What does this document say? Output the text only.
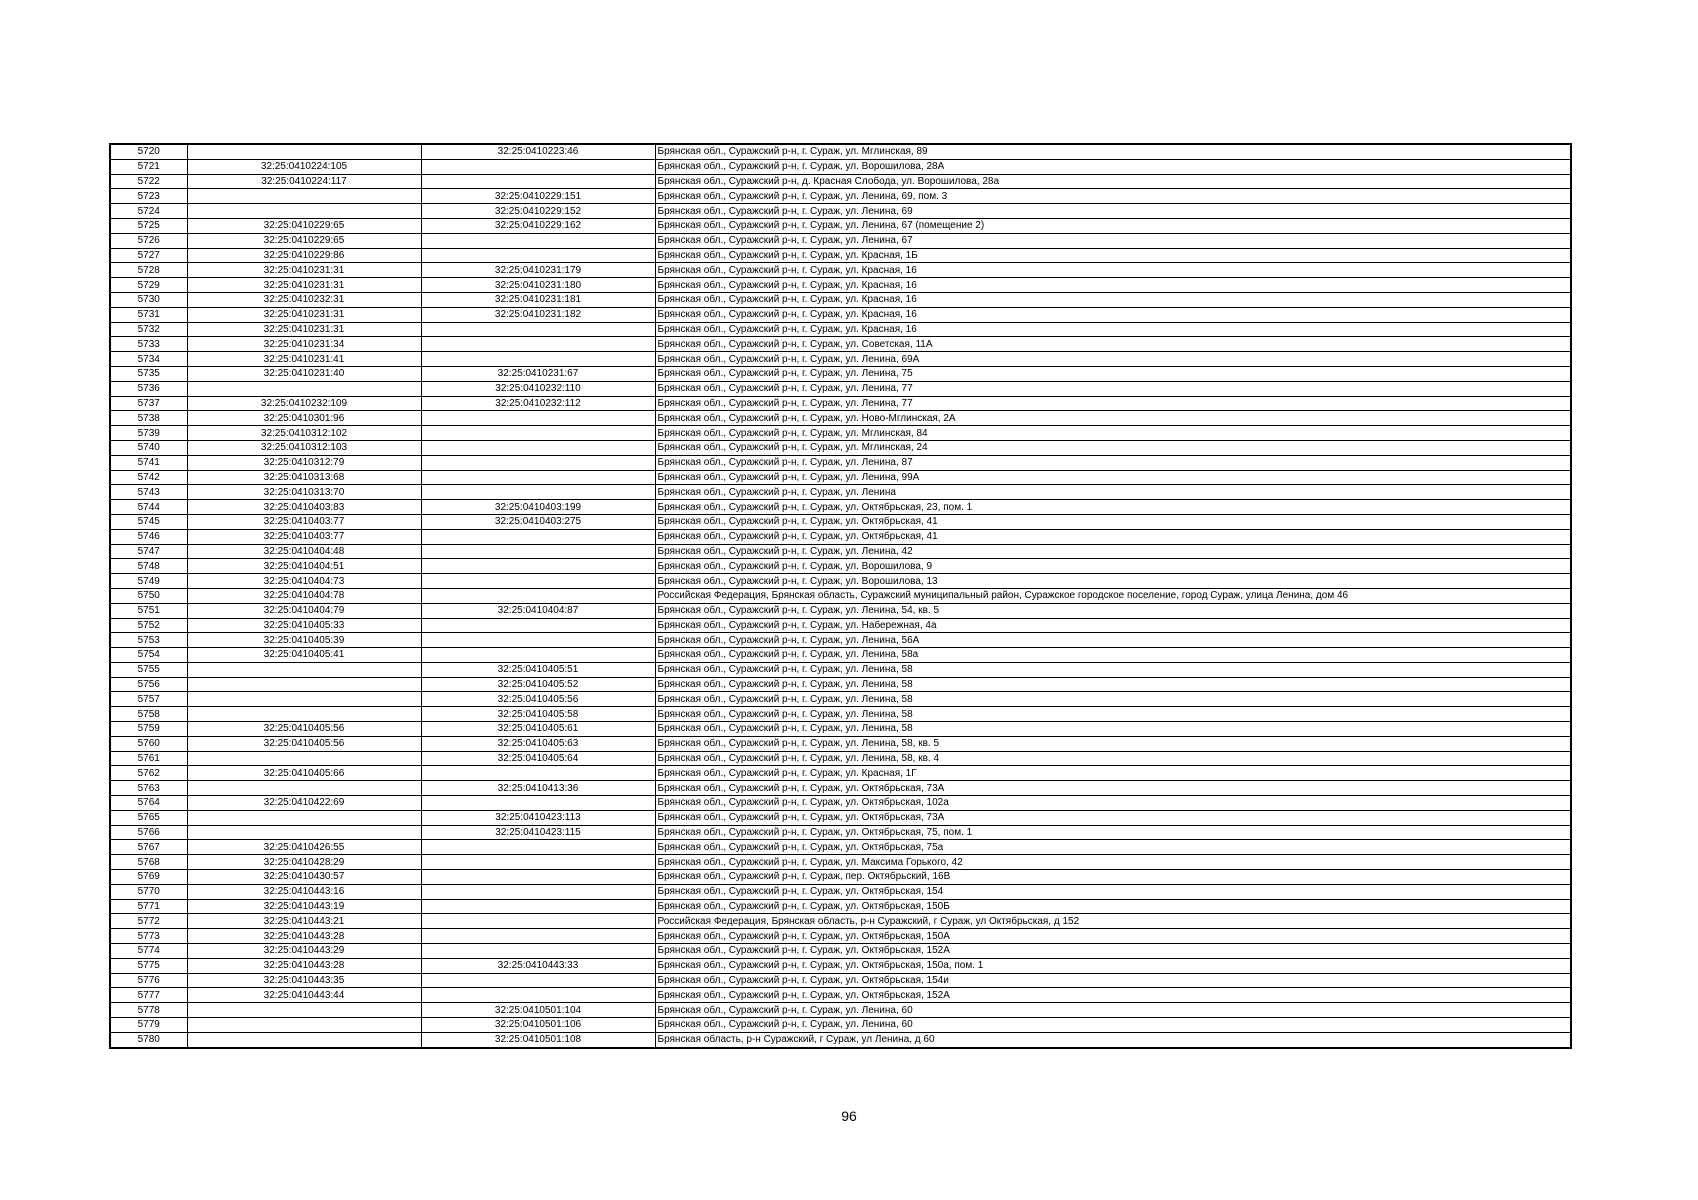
5720		32:25:0410223:46	Брянская обл., Суражский р-н, г. Сураж, ул. Мглинская, 89
5721	32:25:0410224:105		Брянская обл., Суражский р-н, г. Сураж, ул. Ворошилова, 28А
5722	32:25:0410224:117		Брянская обл., Суражский р-н, д. Красная Слобода, ул. Ворошилова, 28а
5723		32:25:0410229:151	Брянская обл., Суражский р-н, г. Сураж, ул. Ленина, 69, пом. 3
5724		32:25:0410229:152	Брянская обл., Суражский р-н, г. Сураж, ул. Ленина, 69
5725	32:25:0410229:65	32:25:0410229:162	Брянская обл., Суражский р-н, г. Сураж, ул. Ленина, 67 (помещение 2)
5726	32:25:0410229:65		Брянская обл., Суражский р-н, г. Сураж, ул. Ленина, 67
5727	32:25:0410229:86		Брянская обл., Суражский р-н, г. Сураж, ул. Красная, 1Б
5728	32:25:0410231:31	32:25:0410231:179	Брянская обл., Суражский р-н, г. Сураж, ул. Красная, 16
5729	32:25:0410231:31	32:25:0410231:180	Брянская обл., Суражский р-н, г. Сураж, ул. Красная, 16
5730	32:25:0410232:31	32:25:0410231:181	Брянская обл., Суражский р-н, г. Сураж, ул. Красная, 16
5731	32:25:0410231:31	32:25:0410231:182	Брянская обл., Суражский р-н, г. Сураж, ул. Красная, 16
5732	32:25:0410231:31		Брянская обл., Суражский р-н, г. Сураж, ул. Красная, 16
5733	32:25:0410231:34		Брянская обл., Суражский р-н, г. Сураж, ул. Советская, 11А
5734	32:25:0410231:41		Брянская обл., Суражский р-н, г. Сураж, ул. Ленина, 69А
5735	32:25:0410231:40	32:25:0410231:67	Брянская обл., Суражский р-н, г. Сураж, ул. Ленина, 75
5736		32:25:0410232:110	Брянская обл., Суражский р-н, г. Сураж, ул. Ленина, 77
5737	32:25:0410232:109	32:25:0410232:112	Брянская обл., Суражский р-н, г. Сураж, ул. Ленина, 77
5738	32:25:0410301:96		Брянская обл., Суражский р-н, г. Сураж, ул. Ново-Мглинская, 2А
5739	32:25:0410312:102		Брянская обл., Суражский р-н, г. Сураж, ул. Мглинская, 84
5740	32:25:0410312:103		Брянская обл., Суражский р-н, г. Сураж, ул. Мглинская, 24
5741	32:25:0410312:79		Брянская обл., Суражский р-н, г. Сураж, ул. Ленина, 87
5742	32:25:0410313:68		Брянская обл., Суражский р-н, г. Сураж, ул. Ленина, 99А
5743	32:25:0410313:70		Брянская обл., Суражский р-н, г. Сураж, ул. Ленина
5744	32:25:0410403:83	32:25:0410403:199	Брянская обл., Суражский р-н, г. Сураж, ул. Октябрьская, 23, пом. 1
5745	32:25:0410403:77	32:25:0410403:275	Брянская обл., Суражский р-н, г. Сураж, ул. Октябрьская, 41
5746	32:25:0410403:77		Брянская обл., Суражский р-н, г. Сураж, ул. Октябрьская, 41
5747	32:25:0410404:48		Брянская обл., Суражский р-н, г. Сураж, ул. Ленина, 42
5748	32:25:0410404:51		Брянская обл., Суражский р-н, г. Сураж, ул. Ворошилова, 9
5749	32:25:0410404:73		Брянская обл., Суражский р-н, г. Сураж, ул. Ворошилова, 13
5750	32:25:0410404:78		Российская Федерация, Брянская область, Суражский муниципальный район, Суражское городское поселение, город Сураж, улица Ленина, дом 46
5751	32:25:0410404:79	32:25:0410404:87	Брянская обл., Суражский р-н, г. Сураж, ул. Ленина, 54, кв. 5
5752	32:25:0410405:33		Брянская обл., Суражский р-н, г. Сураж, ул. Набережная, 4а
5753	32:25:0410405:39		Брянская обл., Суражский р-н, г. Сураж, ул. Ленина, 56А
5754	32:25:0410405:41		Брянская обл., Суражский р-н, г. Сураж, ул. Ленина, 58а
5755		32:25:0410405:51	Брянская обл., Суражский р-н, г. Сураж, ул. Ленина, 58
5756		32:25:0410405:52	Брянская обл., Суражский р-н, г. Сураж, ул. Ленина, 58
5757		32:25:0410405:56	Брянская обл., Суражский р-н, г. Сураж, ул. Ленина, 58
5758		32:25:0410405:58	Брянская обл., Суражский р-н, г. Сураж, ул. Ленина, 58
5759	32:25:0410405:56	32:25:0410405:61	Брянская обл., Суражский р-н, г. Сураж, ул. Ленина, 58
5760	32:25:0410405:56	32:25:0410405:63	Брянская обл., Суражский р-н, г. Сураж, ул. Ленина, 58, кв. 5
5761		32:25:0410405:64	Брянская обл., Суражский р-н, г. Сураж, ул. Ленина, 58, кв. 4
5762	32:25:0410405:66		Брянская обл., Суражский р-н, г. Сураж, ул. Красная, 1Г
5763		32:25:0410413:36	Брянская обл., Суражский р-н, г. Сураж, ул. Октябрьская, 73А
5764	32:25:0410422:69		Брянская обл., Суражский р-н, г. Сураж, ул. Октябрьская, 102а
5765		32:25:0410423:113	Брянская обл., Суражский р-н, г. Сураж, ул. Октябрьская, 73А
5766		32:25:0410423:115	Брянская обл., Суражский р-н, г. Сураж, ул. Октябрьская, 75, пом. 1
5767	32:25:0410426:55		Брянская обл., Суражский р-н, г. Сураж, ул. Октябрьская, 75а
5768	32:25:0410428:29		Брянская обл., Суражский р-н, г. Сураж, ул. Максима Горького, 42
5769	32:25:0410430:57		Брянская обл., Суражский р-н, г. Сураж, пер. Октябрьский, 16В
5770	32:25:0410443:16		Брянская обл., Суражский р-н, г. Сураж, ул. Октябрьская, 154
5771	32:25:0410443:19		Брянская обл., Суражский р-н, г. Сураж, ул. Октябрьская, 150Б
5772	32:25:0410443:21		Российская Федерация, Брянская область, р-н Суражский, г Сураж, ул Октябрьская, д 152
5773	32:25:0410443:28		Брянская обл., Суражский р-н, г. Сураж, ул. Октябрьская, 150А
5774	32:25:0410443:29		Брянская обл., Суражский р-н, г. Сураж, ул. Октябрьская, 152А
5775	32:25:0410443:28	32:25:0410443:33	Брянская обл., Суражский р-н, г. Сураж, ул. Октябрьская, 150а, пом. 1
5776	32:25:0410443:35		Брянская обл., Суражский р-н, г. Сураж, ул. Октябрьская, 154и
5777	32:25:0410443:44		Брянская обл., Суражский р-н, г. Сураж, ул. Октябрьская, 152А
5778		32:25:0410501:104	Брянская обл., Суражский р-н, г. Сураж, ул. Ленина, 60
5779		32:25:0410501:106	Брянская обл., Суражский р-н, г. Сураж, ул. Ленина, 60
5780		32:25:0410501:108	Брянская область, р-н Суражский, г Сураж, ул Ленина, д 60
96
